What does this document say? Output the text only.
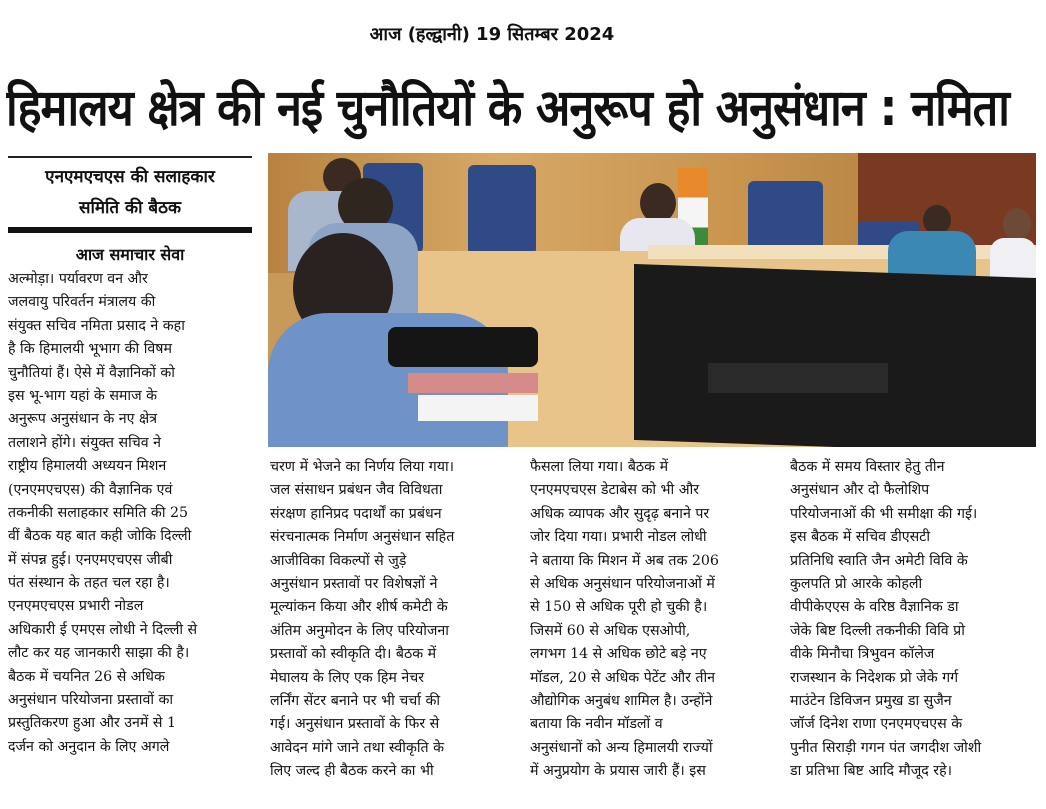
आज (हल्द्वानी) 19 सितम्बर 2024
हिमालय क्षेत्र की नई चुनौतियों के अनुरूप हो अनुसंधान : नमिता
एनएमएचएस की सलाहकार
समिति की बैठक
आज समाचार सेवा
अल्मोड़ा। पर्यावरण वन और
जलवायु परिवर्तन मंत्रालय की
संयुक्त सचिव नमिता प्रसाद ने कहा
है कि हिमालयी भूभाग की विषम
चुनौतियां हैं। ऐसे में वैज्ञानिकों को
इस भू-भाग यहां के समाज के
अनुरूप अनुसंधान के नए क्षेत्र
तलाशने होंगे। संयुक्त सचिव ने
राष्ट्रीय हिमालयी अध्ययन मिशन
(एनएमएचएस) की वैज्ञानिक एवं
तकनीकी सलाहकार समिति की 25
वीं बैठक यह बात कही जोकि दिल्ली
में संपन्न हुई। एनएमएचएस जीबी
पंत संस्थान के तहत चल रहा है।
एनएमएचएस प्रभारी नोडल
अधिकारी ई एमएस लोधी ने दिल्ली से
लौट कर यह जानकारी साझा की है।
बैठक में चयनित 26 से अधिक
अनुसंधान परियोजना प्रस्तावों का
प्रस्तुतिकरण हुआ और उनमें से 1
दर्जन को अनुदान के लिए अगले
चरण में भेजने का निर्णय लिया गया।
जल संसाधन प्रबंधन जैव विविधता
संरक्षण हानिप्रद पदार्थों का प्रबंधन
संरचनात्मक निर्माण अनुसंधान सहित
आजीविका विकल्पों से जुड़े
अनुसंधान प्रस्तावों पर विशेषज्ञों ने
मूल्यांकन किया और शीर्ष कमेटी के
अंतिम अनुमोदन के लिए परियोजना
प्रस्तावों को स्वीकृति दी। बैठक में
मेघालय के लिए एक हिम नेचर
लर्निंग सेंटर बनाने पर भी चर्चा की
गई। अनुसंधान प्रस्तावों के फिर से
आवेदन मांगे जाने तथा स्वीकृति के
लिए जल्द ही बैठक करने का भी
फैसला लिया गया। बैठक में
एनएमएचएस डेटाबेस को भी और
अधिक व्यापक और सुदृढ़ बनाने पर
जोर दिया गया। प्रभारी नोडल लोधी
ने बताया कि मिशन में अब तक 206
से अधिक अनुसंधान परियोजनाओं में
से 150 से अधिक पूरी हो चुकी है।
जिसमें 60 से अधिक एसओपी,
लगभग 14 से अधिक छोटे बड़े नए
मॉडल, 20 से अधिक पेटेंट और तीन
औद्योगिक अनुबंध शामिल है। उन्होंने
बताया कि नवीन मॉडलों व
अनुसंधानों को अन्य हिमालयी राज्यों
में अनुप्रयोग के प्रयास जारी हैं। इस
बैठक में समय विस्तार हेतु तीन
अनुसंधान और दो फैलोशिप
परियोजनाओं की भी समीक्षा की गई।
इस बैठक में सचिव डीएसटी
प्रतिनिधि स्वाति जैन अमेटी विवि के
कुलपति प्रो आरके कोहली
वीपीकेएएस के वरिष्ठ वैज्ञानिक डा
जेके बिष्ट दिल्ली तकनीकी विवि प्रो
वीके मिनौचा त्रिभुवन कॉलेज
राजस्थान के निदेशक प्रो जेके गर्ग
माउंटेन डिविजन प्रमुख डा सुजैन
जॉर्ज दिनेश राणा एनएमएचएस के
पुनीत सिराड़ी गगन पंत जगदीश जोशी
डा प्रतिभा बिष्ट आदि मौजूद रहे।
